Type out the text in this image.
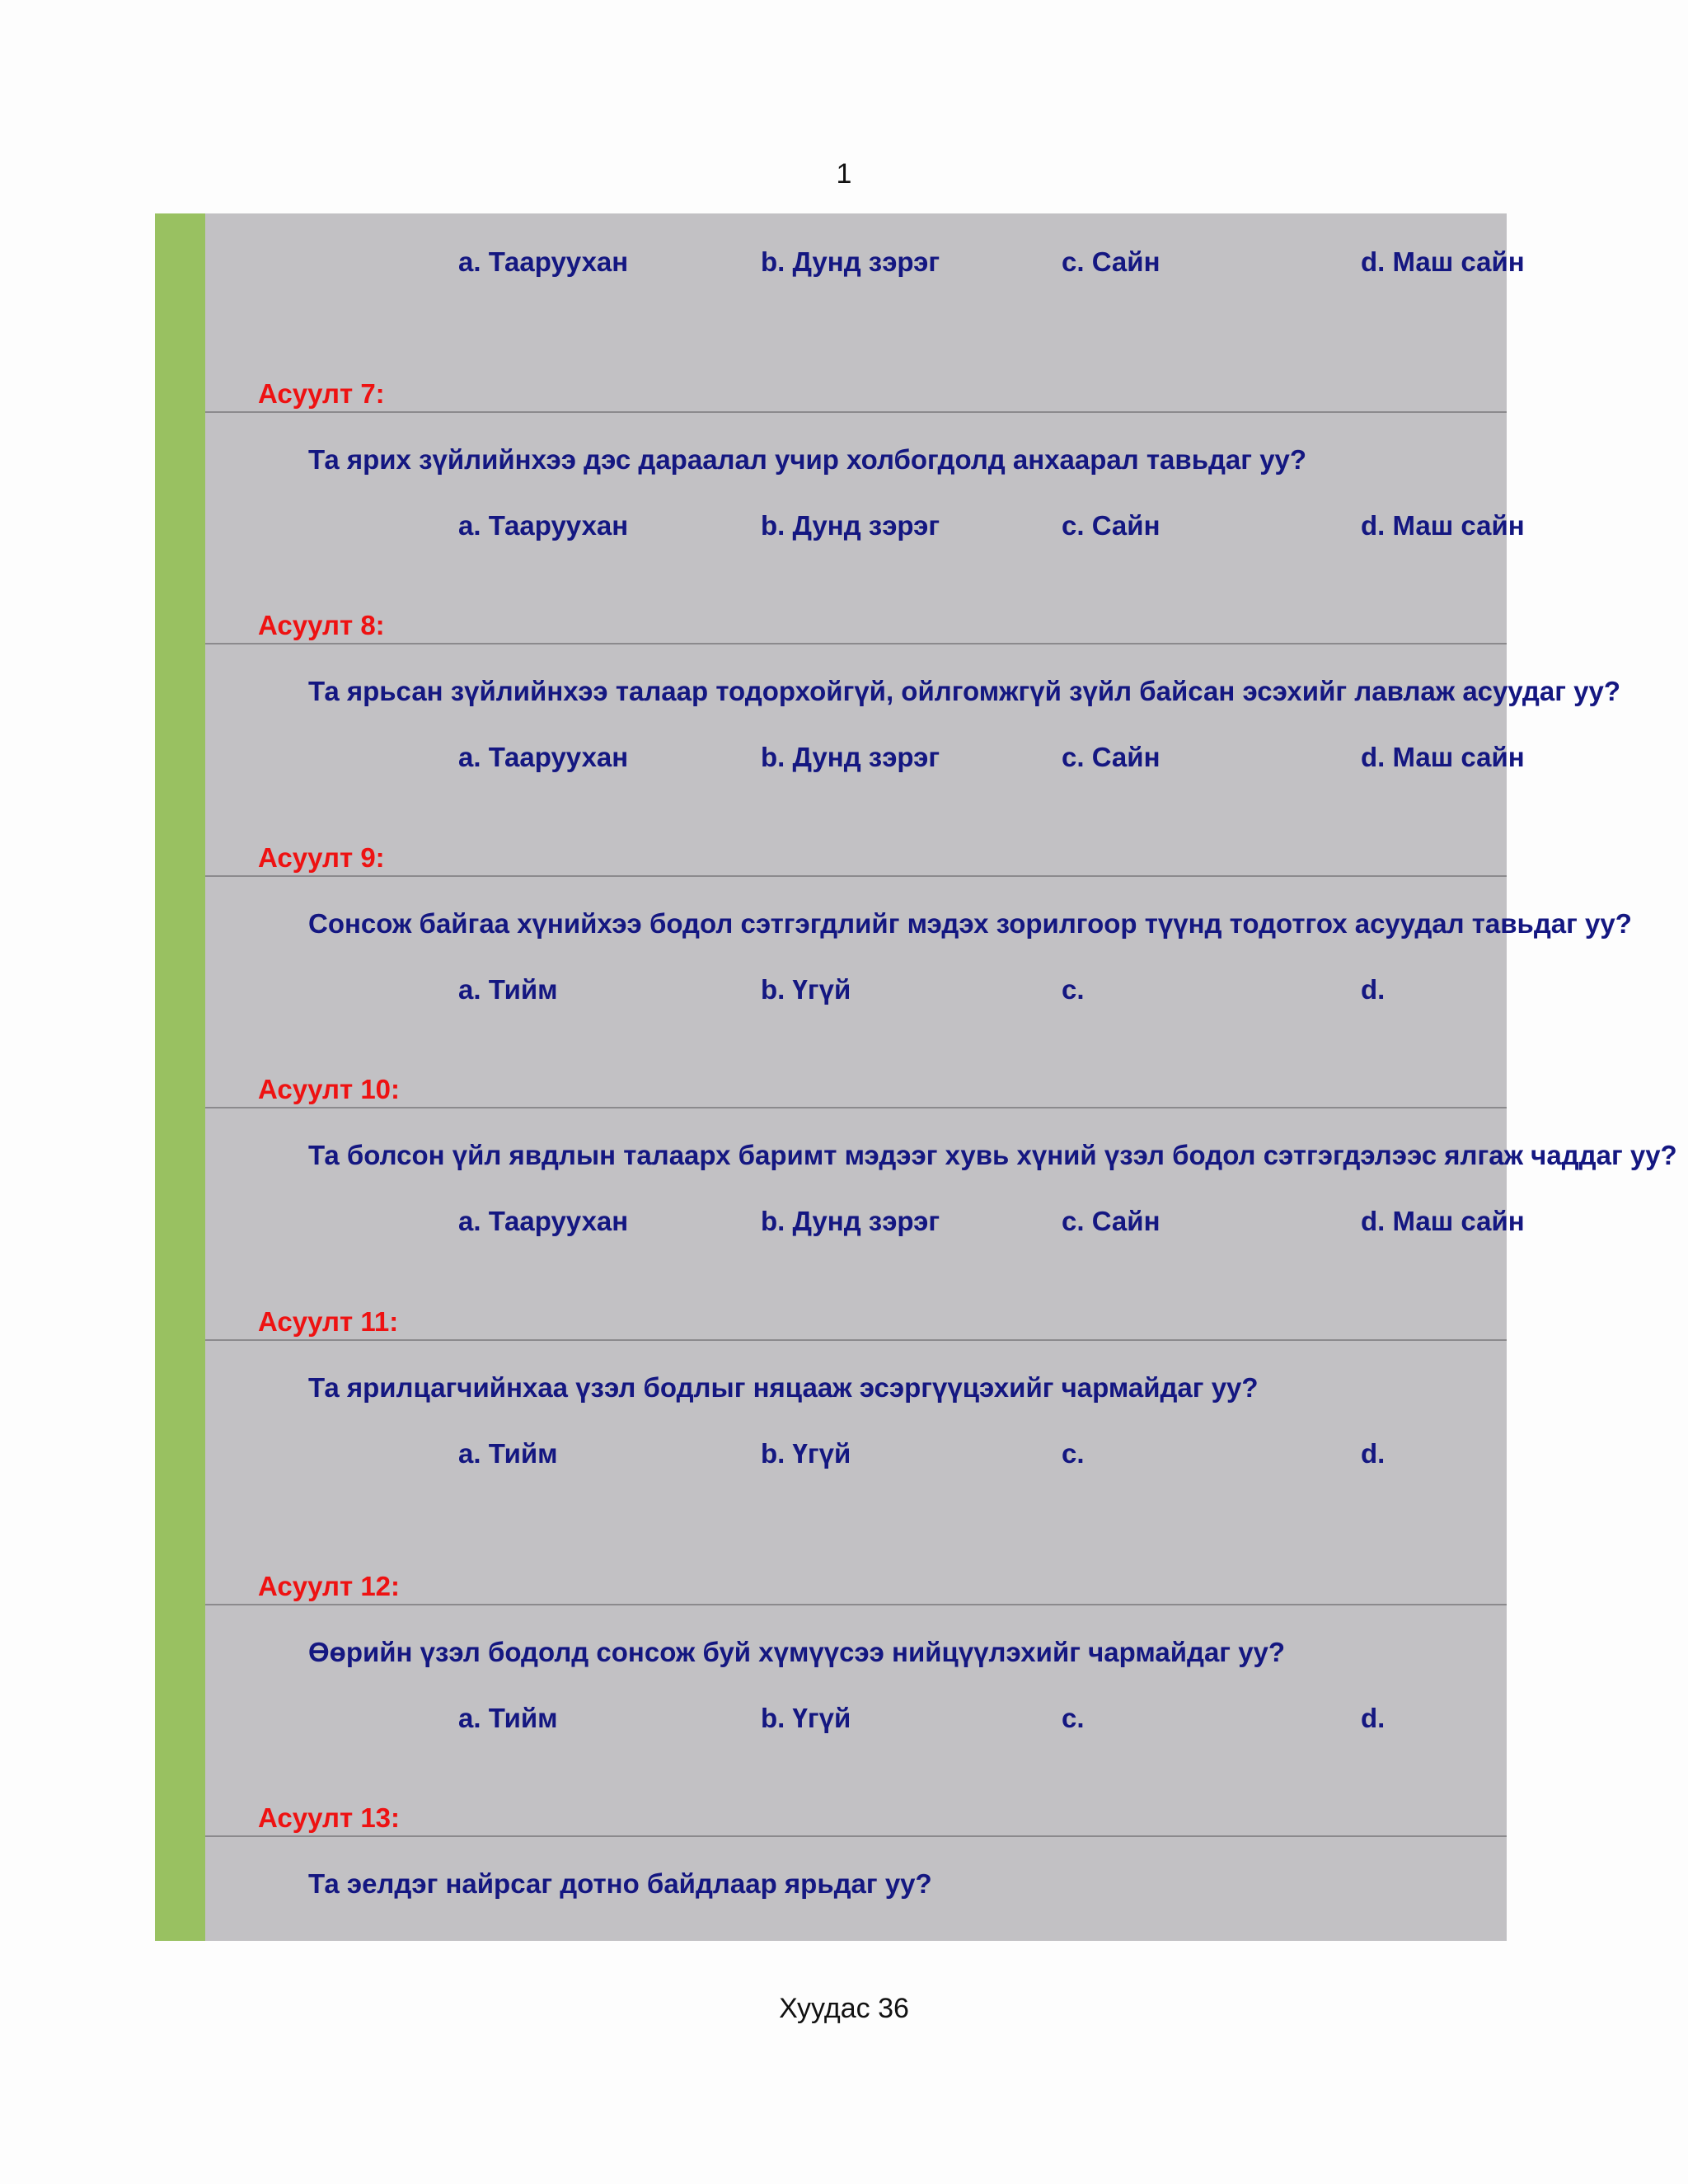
1
a. Тааруухан	b. Дунд зэрэг	c. Сайн	d. Маш сайн
Асуулт 7:
Та ярих зүйлийнхээ дэс дараалал учир холбогдолд анхаарал тавьдаг уу?
a. Тааруухан	b. Дунд зэрэг	c. Сайн	d. Маш сайн
Асуулт 8:
Та ярьсан зүйлийнхээ талаар тодорхойгүй, ойлгомжгүй зүйл байсан эсэхийг лавлаж асуудаг уу?
a. Тааруухан	b. Дунд зэрэг	c. Сайн	d. Маш сайн
Асуулт 9:
Сонсож байгаа хүнийхээ бодол сэтгэгдлийг мэдэх зорилгоор түүнд тодотгох асуудал тавьдаг уу?
a. Тийм	b. Үгүй	c.	d.
Асуулт 10:
Та болсон үйл явдлын талаарх баримт мэдээг хувь хүний үзэл бодол сэтгэгдэлээс ялгаж чаддаг уу?
a. Тааруухан	b. Дунд зэрэг	c. Сайн	d. Маш сайн
Асуулт 11:
Та ярилцагчийнхаа үзэл бодлыг няцааж эсэргүүцэхийг чармайдаг уу?
a. Тийм	b. Үгүй	c.	d.
Асуулт 12:
Өөрийн үзэл бодолд сонсож буй хүмүүсээ нийцүүлэхийг чармайдаг уу?
a. Тийм	b. Үгүй	c.	d.
Асуулт 13:
Та эелдэг найрсаг дотно байдлаар ярьдаг уу?
Хуудас 36
